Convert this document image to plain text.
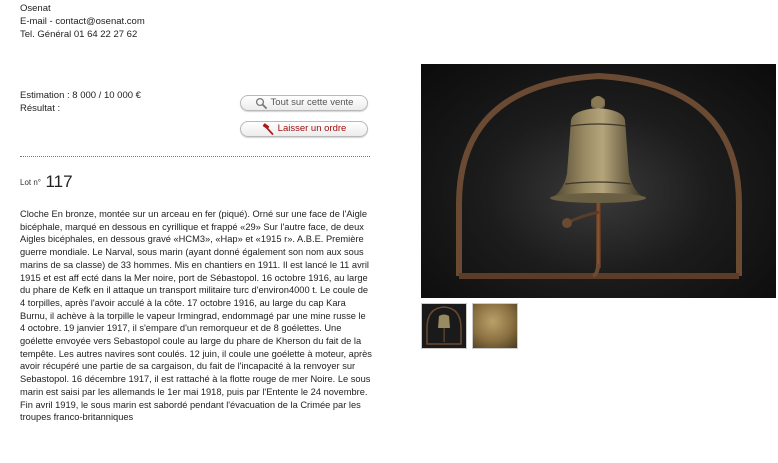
Osenat
E-mail - contact@osenat.com
Tel. Général 01 64 22 27 62
Estimation : 8 000 / 10 000 €
Résultat :
Tout sur cette vente
Laisser un ordre
Lot n° 117
Cloche En bronze, montée sur un arceau en fer (piqué). Orné sur une face de l'Aigle bicéphale, marqué en dessous en cyrillique et frappé «29» Sur l'autre face, de deux Aigles bicéphales, en dessous gravé «HCM3», «Hap» et «1915 r». A.B.E. Première guerre mondiale. Le Narval, sous marin (ayant donné également son nom aux sous marins de sa classe) de 33 hommes. Mis en chantiers en 1911. Il est lancé le 11 avril 1915 et est aff ecté dans la Mer noire, port de Sébastopol. 16 octobre 1916, au large du phare de Kefk en il attaque un transport militaire turc d'environ4000 t. Le coule de 4 torpilles, après l'avoir acculé à la côte. 17 octobre 1916, au large du cap Kara Burnu, il achève à la torpille le vapeur Irmingrad, endommagé par une mine russe le 4 octobre. 19 janvier 1917, il s'empare d'un remorqueur et de 8 goélettes. Une goélette envoyée vers Sebastopol coule au large du phare de Kherson du fait de la tempête. Les autres navires sont coulés. 12 juin, il coule une goélette à moteur, après avoir récupéré une partie de sa cargaison, du fait de l'incapacité à la renvoyer sur Sebastopol. 16 décembre 1917, il est rattaché à la flotte rouge de mer Noire. Le sous marin est saisi par les allemands le 1er mai 1918, puis par l'Entente le 24 novembre. Fin avril 1919, le sous marin est sabordé pendant l'évacuation de la Crimée par les troupes franco-britanniques
